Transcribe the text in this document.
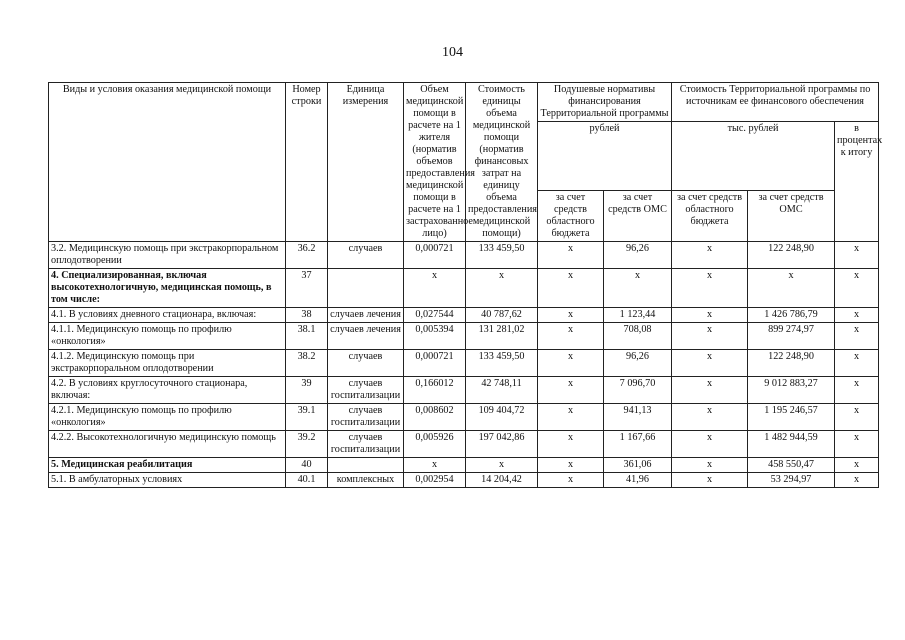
104
Виды и условия оказания медицинской помощи	Номер строки	Единица измерения	Объем медицинской помощи в расчете на 1 жителя (норматив объемов предоставления медицинской помощи в расчете на 1 застрахованное лицо)	Стоимость единицы объема медицинской помощи (норматив финансовых затрат на единицу объема предоставления медицинской помощи)	Подушевые нормативы финансирования Территориальной программы		Стоимость Территориальной программы по источникам ее финансового обеспечения		
					рублей		тыс. рублей		в процентах к итогу
					за счет средств областного бюджета	за счет средств ОМС	за счет средств областного бюджета	за счет средств ОМС	
3.2. Медицинскую помощь при экстракорпоральном оплодотворении	36.2	случаев	0,000721	133 459,50	х	96,26	х	122 248,90	х
4. Специализированная, включая высокотехнологичную, медицинская помощь, в том числе:	37		х	х	х	х	х	х	х
4.1. В условиях дневного стационара, включая:	38	случаев лечения	0,027544	40 787,62	х	1 123,44	х	1 426 786,79	х
4.1.1. Медицинскую помощь по профилю «онкология»	38.1	случаев лечения	0,005394	131 281,02	х	708,08	х	899 274,97	х
4.1.2. Медицинскую помощь при экстракорпоральном оплодотворении	38.2	случаев	0,000721	133 459,50	х	96,26	х	122 248,90	х
4.2. В условиях круглосуточного стационара, включая:	39	случаев госпитализации	0,166012	42 748,11	х	7 096,70	х	9 012 883,27	х
4.2.1. Медицинскую помощь по профилю «онкология»	39.1	случаев госпитализации	0,008602	109 404,72	х	941,13	х	1 195 246,57	х
4.2.2. Высокотехнологичную медицинскую помощь	39.2	случаев госпитализации	0,005926	197 042,86	х	1 167,66	х	1 482 944,59	х
5. Медицинская реабилитация	40		х	х	х	361,06	х	458 550,47	х
5.1. В амбулаторных условиях	40.1	комплексных	0,002954	14 204,42	х	41,96	х	53 294,97	х
